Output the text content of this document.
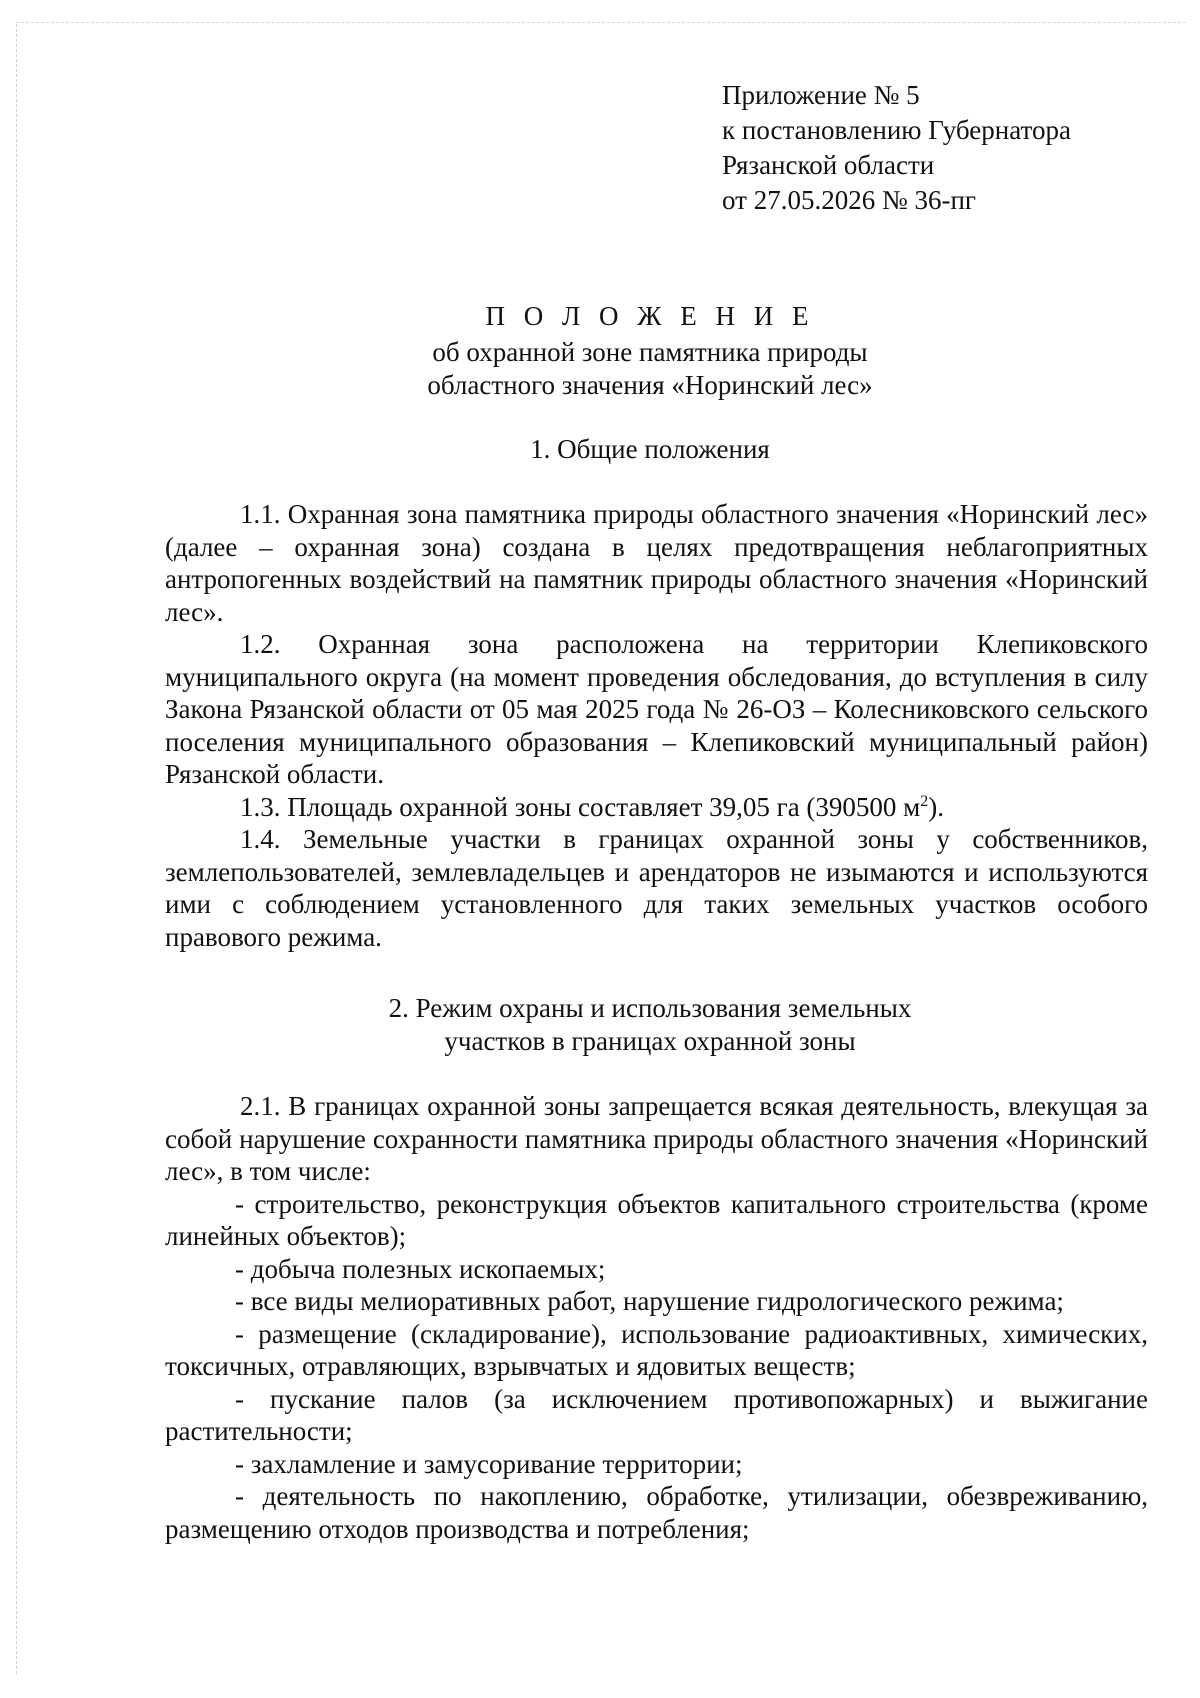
Приложение № 5
к постановлению Губернатора
Рязанской области
от 27.05.2026 № 36-пг
П О Л О Ж Е Н И Е
об охранной зоне памятника природы
областного значения «Норинский лес»
1. Общие положения

1.1. Охранная зона памятника природы областного значения «Норинский лес» (далее – охранная зона) создана в целях предотвращения неблагоприятных антропогенных воздействий на памятник природы областного значения «Норинский лес».

1.2. Охранная зона расположена на территории Клепиковского муниципального округа (на момент проведения обследования, до вступления в силу Закона Рязанской области от 05 мая 2025 года № 26-ОЗ – Колесниковского сельского поселения муниципального образования – Клепиковский муниципальный район) Рязанской области.

1.3. Площадь охранной зоны составляет 39,05 га (390500 $м^2$).

1.4. Земельные участки в границах охранной зоны у собственников, землепользователей, землевладельцев и арендаторов не изымаются и используются ими с соблюдением установленного для таких земельных участков особого правового режима.

2. Режим охраны и использования земельных
участков в границах охранной зоны

2.1. В границах охранной зоны запрещается всякая деятельность, влекущая за собой нарушение сохранности памятника природы областного значения «Норинский лес», в том числе:

- строительство, реконструкция объектов капитального строительства (кроме линейных объектов);

- добыча полезных ископаемых;

- все виды мелиоративных работ, нарушение гидрологического режима;

- размещение (складирование), использование радиоактивных, химических, токсичных, отравляющих, взрывчатых и ядовитых веществ;

- пускание палов (за исключением противопожарных) и выжигание растительности;

- захламление и замусоривание территории;

- деятельность по накоплению, обработке, утилизации, обезвреживанию, размещению отходов производства и потребления;
